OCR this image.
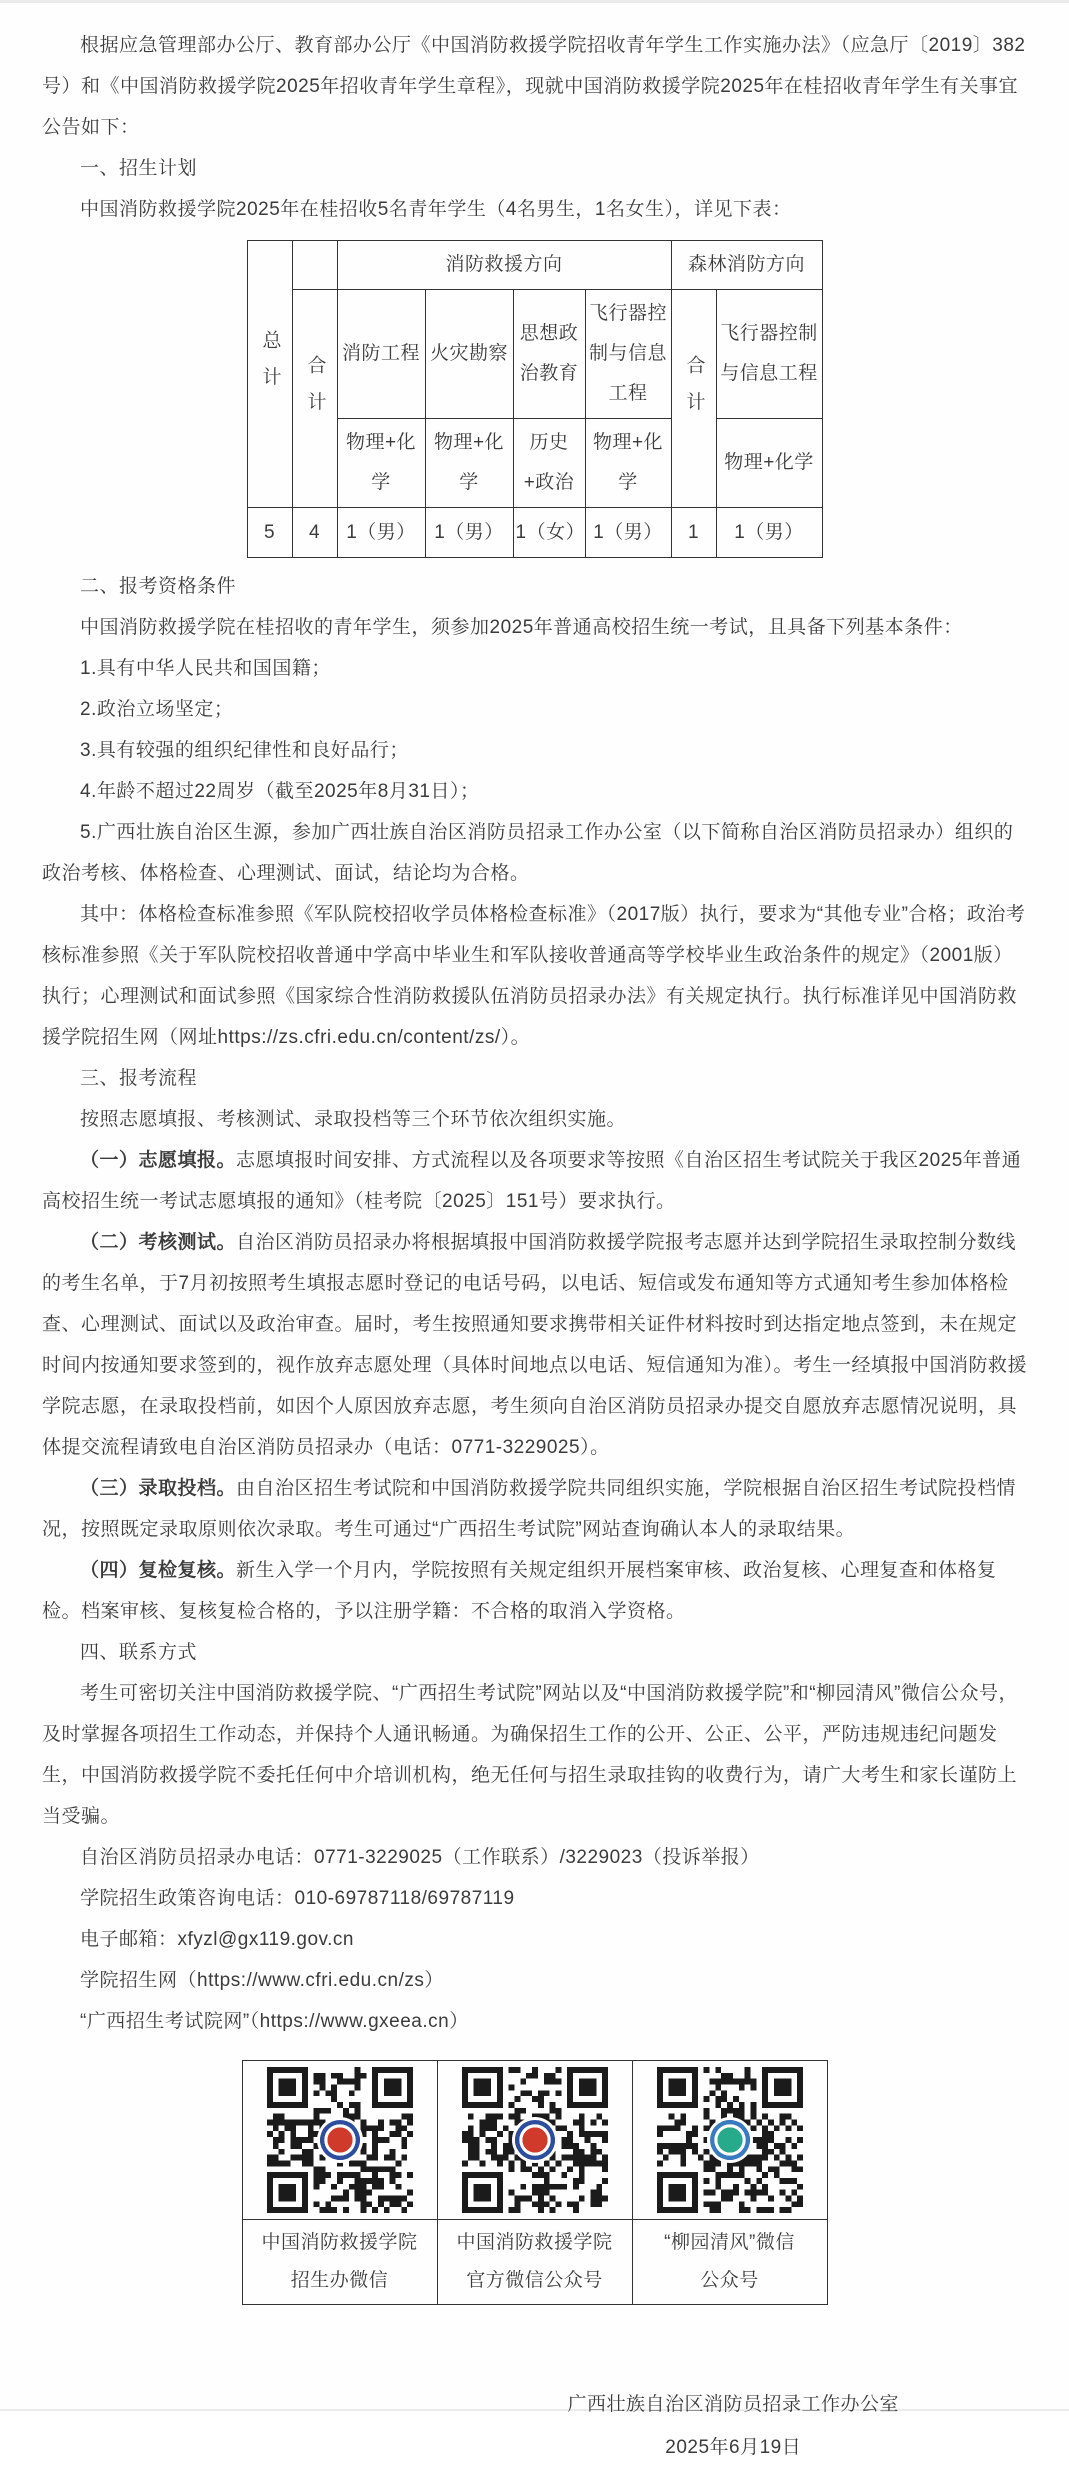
根据应急管理部办公厅、教育部办公厅《中国消防救援学院招收青年学生工作实施办法》（应急厅〔2019〕382号）和《中国消防救援学院2025年招收青年学生章程》，现就中国消防救援学院2025年在桂招收青年学生有关事宜公告如下：

一、招生计划

中国消防救援学院2025年在桂招收5名青年学生（4名男生，1名女生），详见下表：

总计		消防救援方向				森林消防方向	
	合计	消防工程	火灾勘察	思想政治教育	飞行器控制与信息工程	合计	飞行器控制与信息工程
		物理+化学	物理+化学	历史+政治	物理+化学		物理+化学
5	4	1（男）	1（男）	1（女）	1（男）	1	1（男）

二、报考资格条件

中国消防救援学院在桂招收的青年学生，须参加2025年普通高校招生统一考试，且具备下列基本条件：

1.具有中华人民共和国国籍；

2.政治立场坚定；

3.具有较强的组织纪律性和良好品行；

4.年龄不超过22周岁（截至2025年8月31日）；

5.广西壮族自治区生源，参加广西壮族自治区消防员招录工作办公室（以下简称自治区消防员招录办）组织的政治考核、体格检查、心理测试、面试，结论均为合格。

其中：体格检查标准参照《军队院校招收学员体格检查标准》（2017版）执行，要求为“其他专业”合格；政治考核标准参照《关于军队院校招收普通中学高中毕业生和军队接收普通高等学校毕业生政治条件的规定》（2001版）执行；心理测试和面试参照《国家综合性消防救援队伍消防员招录办法》有关规定执行。执行标准详见中国消防救援学院招生网（网址https://zs.cfri.edu.cn/content/zs/）。

三、报考流程

按照志愿填报、考核测试、录取投档等三个环节依次组织实施。

（一）志愿填报。志愿填报时间安排、方式流程以及各项要求等按照《自治区招生考试院关于我区2025年普通高校招生统一考试志愿填报的通知》（桂考院〔2025〕151号）要求执行。

（二）考核测试。自治区消防员招录办将根据填报中国消防救援学院报考志愿并达到学院招生录取控制分数线的考生名单，于7月初按照考生填报志愿时登记的电话号码，以电话、短信或发布通知等方式通知考生参加体格检查、心理测试、面试以及政治审查。届时，考生按照通知要求携带相关证件材料按时到达指定地点签到，未在规定时间内按通知要求签到的，视作放弃志愿处理（具体时间地点以电话、短信通知为准）。考生一经填报中国消防救援学院志愿，在录取投档前，如因个人原因放弃志愿，考生须向自治区消防员招录办提交自愿放弃志愿情况说明，具体提交流程请致电自治区消防员招录办（电话：0771-3229025）。

（三）录取投档。由自治区招生考试院和中国消防救援学院共同组织实施，学院根据自治区招生考试院投档情况，按照既定录取原则依次录取。考生可通过“广西招生考试院”网站查询确认本人的录取结果。

（四）复检复核。新生入学一个月内，学院按照有关规定组织开展档案审核、政治复核、心理复查和体格复检。档案审核、复核复检合格的，予以注册学籍：不合格的取消入学资格。

四、联系方式

考生可密切关注中国消防救援学院、“广西招生考试院”网站以及“中国消防救援学院”和“柳园清风”微信公众号，及时掌握各项招生工作动态，并保持个人通讯畅通。为确保招生工作的公开、公正、公平，严防违规违纪问题发生，中国消防救援学院不委托任何中介培训机构，绝无任何与招生录取挂钩的收费行为，请广大考生和家长谨防上当受骗。

自治区消防员招录办电话：0771-3229025（工作联系）/3229023（投诉举报）

学院招生政策咨询电话：010-69787118/69787119

电子邮箱：xfyzl@gx119.gov.cn

学院招生网（https://www.cfri.edu.cn/zs）

“广西招生考试院网”（https://www.gxeea.cn）

中国消防救援学院
招生办微信

中国消防救援学院
官方微信公众号

“柳园清风”微信
公众号
广西壮族自治区消防员招录工作办公室
2025年6月19日
